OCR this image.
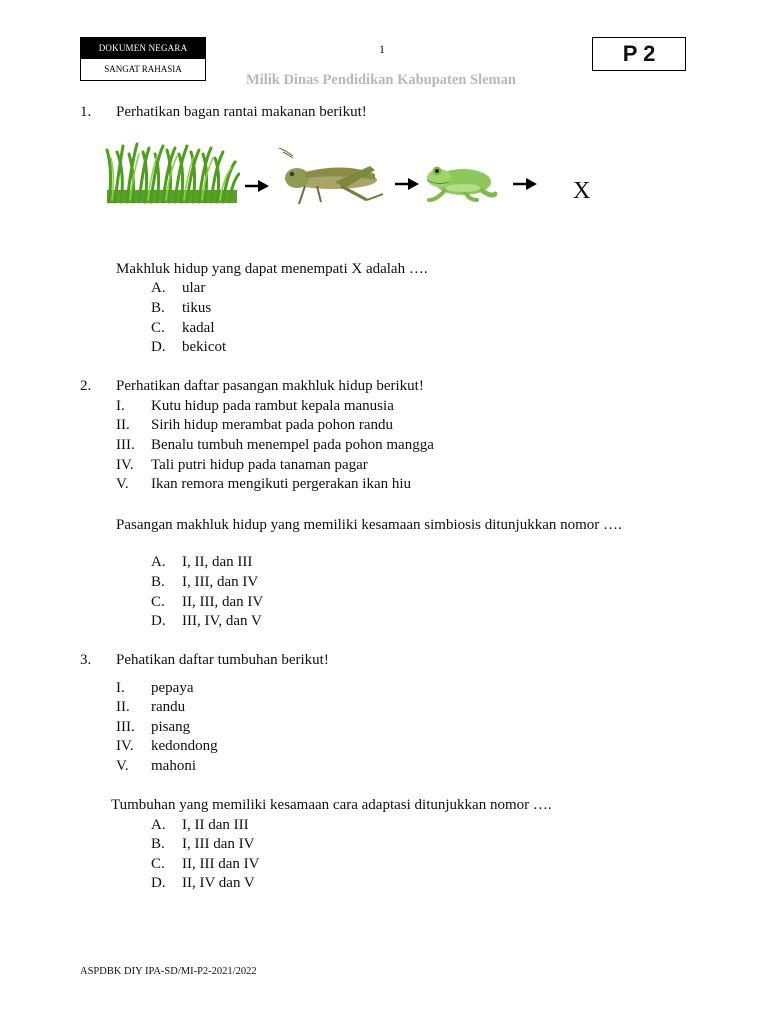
DOKUMEN NEGARA
SANGAT RAHASIA
1	P 2
Milik Dinas Pendidikan Kabupaten Sleman
1. Perhatikan bagan rantai makanan berikut!
X
Makhluk hidup yang dapat menempati X adalah ….
A. ular
B. tikus
C. kadal
D. bekicot
2. Perhatikan daftar pasangan makhluk hidup berikut!
I. Kutu hidup pada rambut kepala manusia
II. Sirih hidup merambat pada pohon randu
III. Benalu tumbuh menempel pada pohon mangga
IV. Tali putri hidup pada tanaman pagar
V. Ikan remora mengikuti pergerakan ikan hiu
Pasangan makhluk hidup yang memiliki kesamaan simbiosis ditunjukkan nomor ….
A. I, II, dan III
B. I, III, dan IV
C. II, III, dan IV
D. III, IV, dan V
3. Pehatikan daftar tumbuhan berikut!
I. pepaya
II. randu
III. pisang
IV. kedondong
V. mahoni
Tumbuhan yang memiliki kesamaan cara adaptasi ditunjukkan nomor ….
A. I, II dan III
B. I, III dan IV
C. II, III dan IV
D. II, IV dan V
ASPDBK DIY IPA-SD/MI-P2-2021/2022
